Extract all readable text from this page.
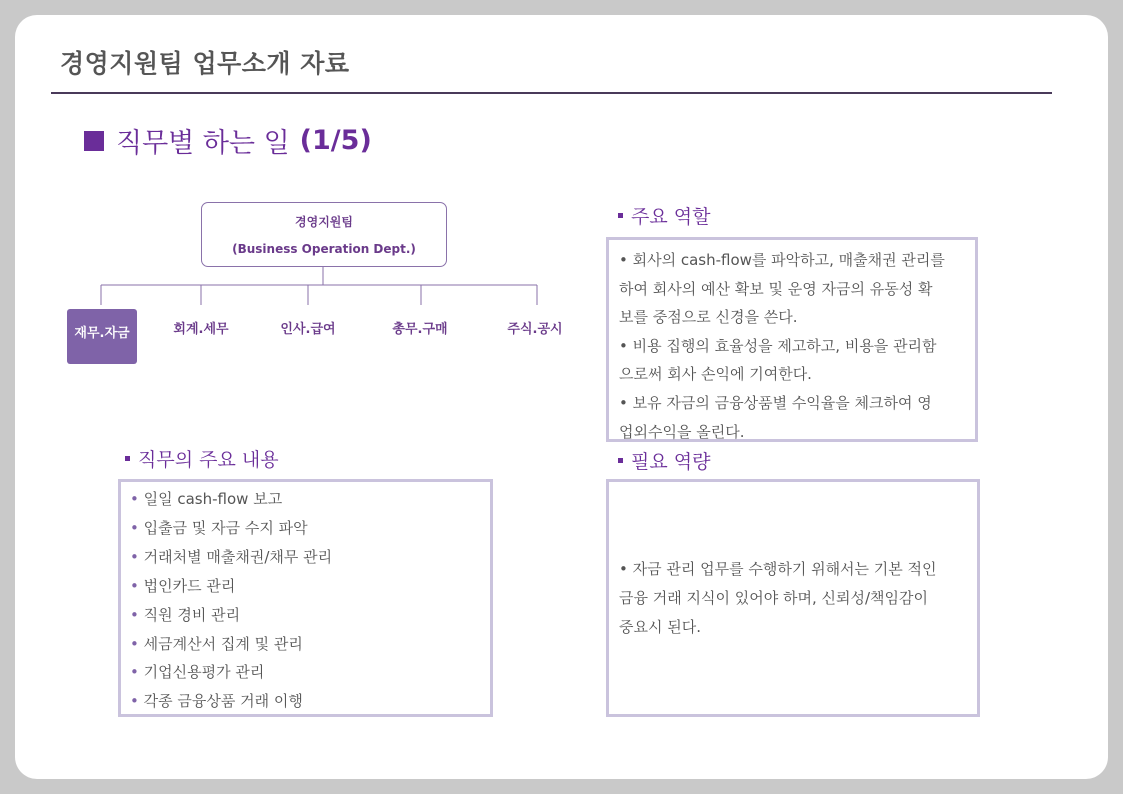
경영지원팀 업무소개 자료
직무별 하는 일 (1/5)
경영지원팀
(Business Operation Dept.)
재무.자금	회계.세무	인사.급여	총무.구매	주식.공시
주요 역할
• 회사의 cash-flow를 파악하고, 매출채권 관리를
하여 회사의 예산 확보 및 운영 자금의 유동성 확
보를 중점으로 신경을 쓴다.
• 비용 집행의 효율성을 제고하고, 비용을 관리함
으로써 회사 손익에 기여한다.
• 보유 자금의 금융상품별 수익율을 체크하여 영
업외수익을 올린다.
직무의 주요 내용
• 일일 cash-flow 보고
• 입출금 및 자금 수지 파악
• 거래처별 매출채권/채무 관리
• 법인카드 관리
• 직원 경비 관리
• 세금계산서 집계 및 관리
• 기업신용평가 관리
• 각종 금융상품 거래 이행
필요 역량
• 자금 관리 업무를 수행하기 위해서는 기본 적인
금융 거래 지식이 있어야 하며, 신뢰성/책임감이
중요시 된다.
